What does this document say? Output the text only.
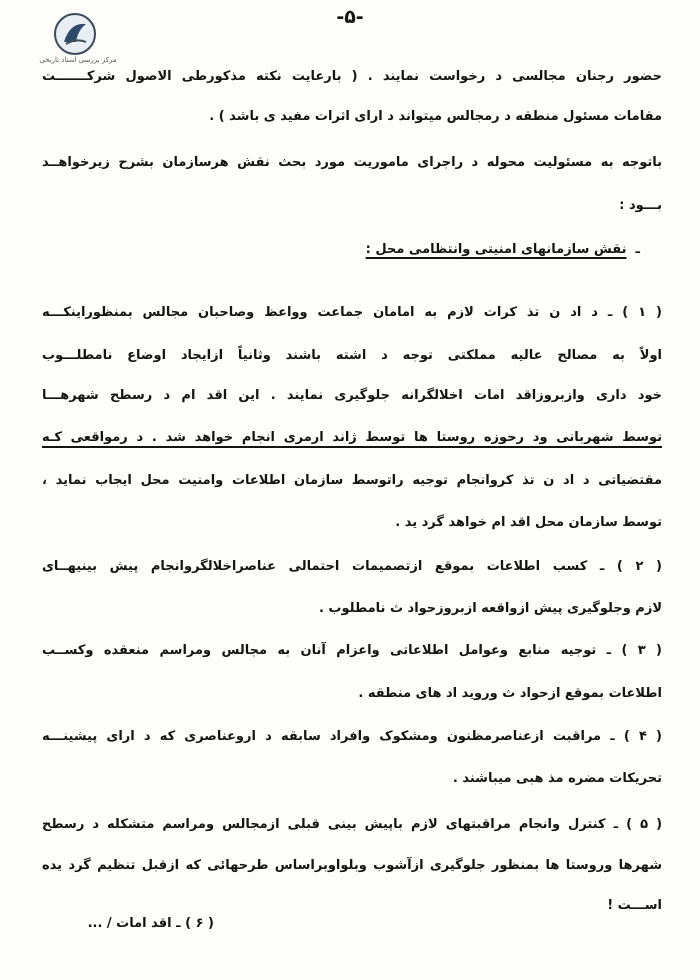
مرکز بررسی اسناد تاریخی
-۵-
حضور رجنان مجالسی د رخواست نمایند . ( بارعایت نکته مذکورطی الاصول شرکـــــــت
مقامات مسئول منطقه د رمجالس میتواند د ارای اثرات مفید ی باشد ) .
باتوجه به مسئولیت محوله د راجرای ماموریت مورد بحث نقش هرسازمان بشرح زیرخواهــد
بـــود :
ـ  نقش سازمانهای امنیتی وانتظامی محل :
( ۱ ) ـ د اد ن تذ کرات لازم به امامان جماعت وواعظ وصاحبان مجالس بمنظوراینکـــه
اولاً به مصالح عالیه مملکتی توجه د اشته باشند وثانیاً ازایجاد اوضاع نامطلـــوب
خود داری وازبروزاقد امات اخلالگرانه جلوگیری نمایند . این اقد ام د رسطح شهرهـــا
توسط شهربانی ود رحوزه روستا ها توسط ژاند ارمری انجام خواهد شد . د رمواقعی کـه
مقتضیاتی د اد ن تذ کروانجام توجیه راتوسط سازمان اطلاعات وامنیت محل ایجاب نماید ،
توسط سازمان محل اقد ام خواهد گرد ید .
( ۲ ) ـ کسب اطلاعات بموقع ازتصمیمات احتمالی عناصراخلالگروانجام پیش بینیهــای
لازم وجلوگیری پیش ازواقعه ازبروزحواد ث نامطلوب .
( ۳ ) ـ توجیه منابع وعوامل اطلاعاتی واعزام آنان به مجالس ومراسم منعقده وکســب
اطلاعات بموقع ازحواد ث وروید اد های منطقه .
( ۴ ) ـ مراقبت ازعناصرمظنون ومشکوک وافراد سابقه د اروعناصری که د ارای پیشینـــه
تحریکات مضره مذ هبی میباشند .
( ۵ ) ـ کنترل وانجام مراقبتهای لازم باپیش بینی قبلی ازمجالس ومراسم متشکله د رسطح
شهرها وروستا ها بمنظور جلوگیری ازآشوب وبلواوبراساس طرحهائی که ازقبل تنظیم گرد یده
اســـت !
( ۶ ) ـ اقد امات / ...
